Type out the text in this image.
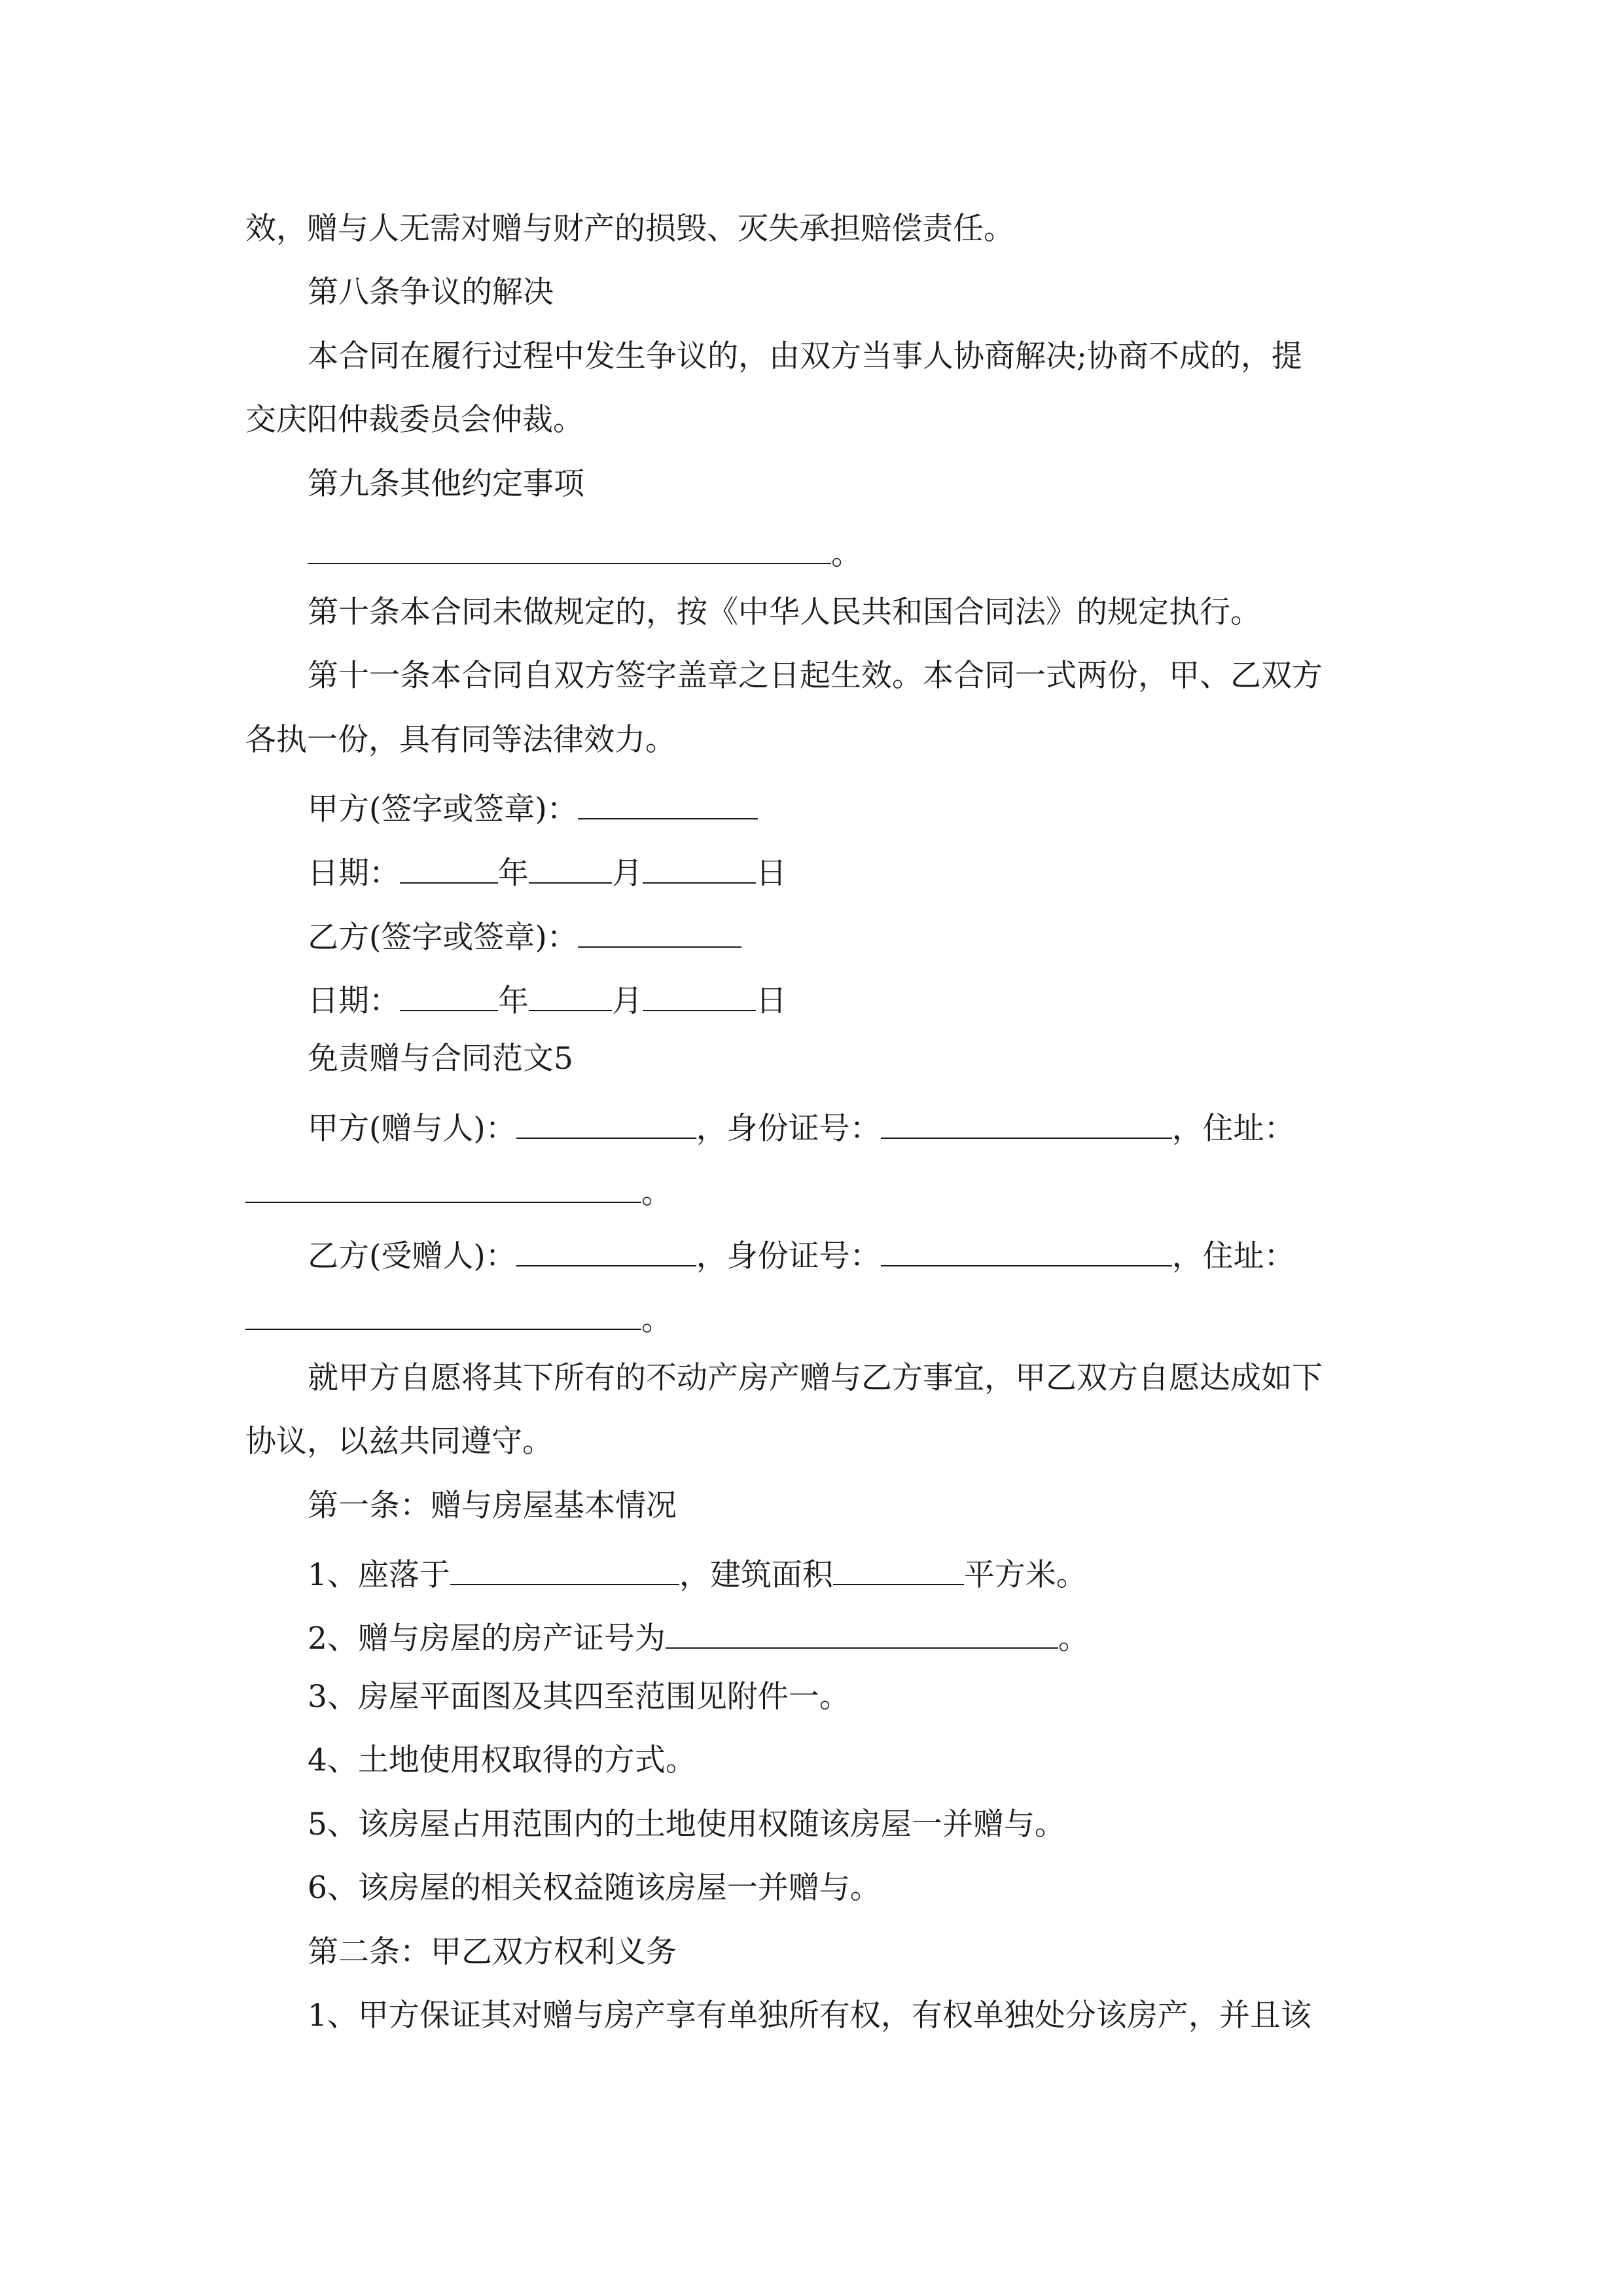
效，赠与人无需对赠与财产的损毁、灭失承担赔偿责任。
第八条争议的解决
本合同在履行过程中发生争议的，由双方当事人协商解决;协商不成的，提
交庆阳仲裁委员会仲裁。
第九条其他约定事项
。
第十条本合同未做规定的，按《中华人民共和国合同法》的规定执行。
第十一条本合同自双方签字盖章之日起生效。本合同一式两份，甲、乙双方
各执一份，具有同等法律效力。
甲方(签字或签章)：
日期：	年	月	日
乙方(签字或签章)：
日期：	年	月	日
免责赠与合同范文5
甲方(赠与人)：	，身份证号：	，住址：
。
乙方(受赠人)：	，身份证号：	，住址：
。
就甲方自愿将其下所有的不动产房产赠与乙方事宜，甲乙双方自愿达成如下
协议，以兹共同遵守。
第一条：赠与房屋基本情况
1、座落于	，建筑面积	平方米。
2、赠与房屋的房产证号为	。
3、房屋平面图及其四至范围见附件一。
4、土地使用权取得的方式。
5、该房屋占用范围内的土地使用权随该房屋一并赠与。
6、该房屋的相关权益随该房屋一并赠与。
第二条：甲乙双方权利义务
1、甲方保证其对赠与房产享有单独所有权，有权单独处分该房产，并且该
